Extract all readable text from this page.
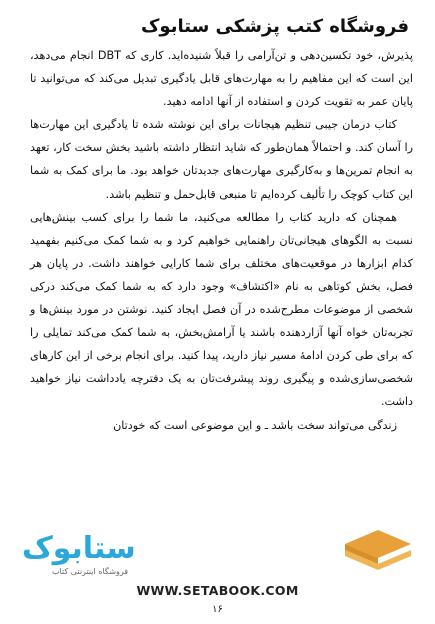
فروشگاه کتب پزشکی ستابوک

پذیرش، خود تکسین‌دهی و تن‌آرامی را قبلاً شنیده‌اید. کاری که DBT انجام می‌دهد، این است که این مفاهیم را به مهارت‌های قابل یادگیری تبدیل می‌کند که می‌توانید تا پایان عمر به تقویت کردن و استفاده از آنها ادامه دهید.

کتاب درمان جیبی تنظیم هیجانات برای این نوشته شده تا یادگیری این مهارت‌ها را آسان کند. و احتمالاً همان‌طور که شاید انتظار داشته باشید بخش سخت کار، تعهد به انجام تمرین‌ها و به‌کارگیری مهارت‌های جدیدتان خواهد بود. ما برای کمک به شما این کتاب کوچک را تألیف کرده‌ایم تا منبعی قابل‌حمل و تنظیم باشد.

همچنان که دارید کتاب را مطالعه می‌کنید، ما شما را برای کسب بینش‌هایی نسبت به الگوهای هیجانی‌تان راهنمایی خواهیم کرد و به شما کمک می‌کنیم بفهمید کدام ابزارها در موقعیت‌های مختلف برای شما کارایی خواهند داشت. در پایان هر فصل، بخش کوتاهی به نام «اکتشاف» وجود دارد که به شما کمک می‌کند درکی شخصی از موضوعات مطرح‌شده در آن فصل ایجاد کنید. نوشتن در مورد بینش‌ها و تجربه‌تان خواه آنها آزاردهنده باشند یا آرامش‌بخش، به شما کمک می‌کند تمایلی را که برای طی کردن ادامهٔ مسیر نیاز دارید، پیدا کنید. برای انجام برخی از این کارهای شخصی‌سازی‌شده و پیگیری روند پیشرفت‌تان به یک دفترچه یادداشت نیاز خواهید داشت.

زندگی می‌تواند سخت باشد ـ و این موضوعی است که خودتان

ستابوک
فروشگاه اینترنتی کتاب
WWW.SETABOOK.COM
۱۶
